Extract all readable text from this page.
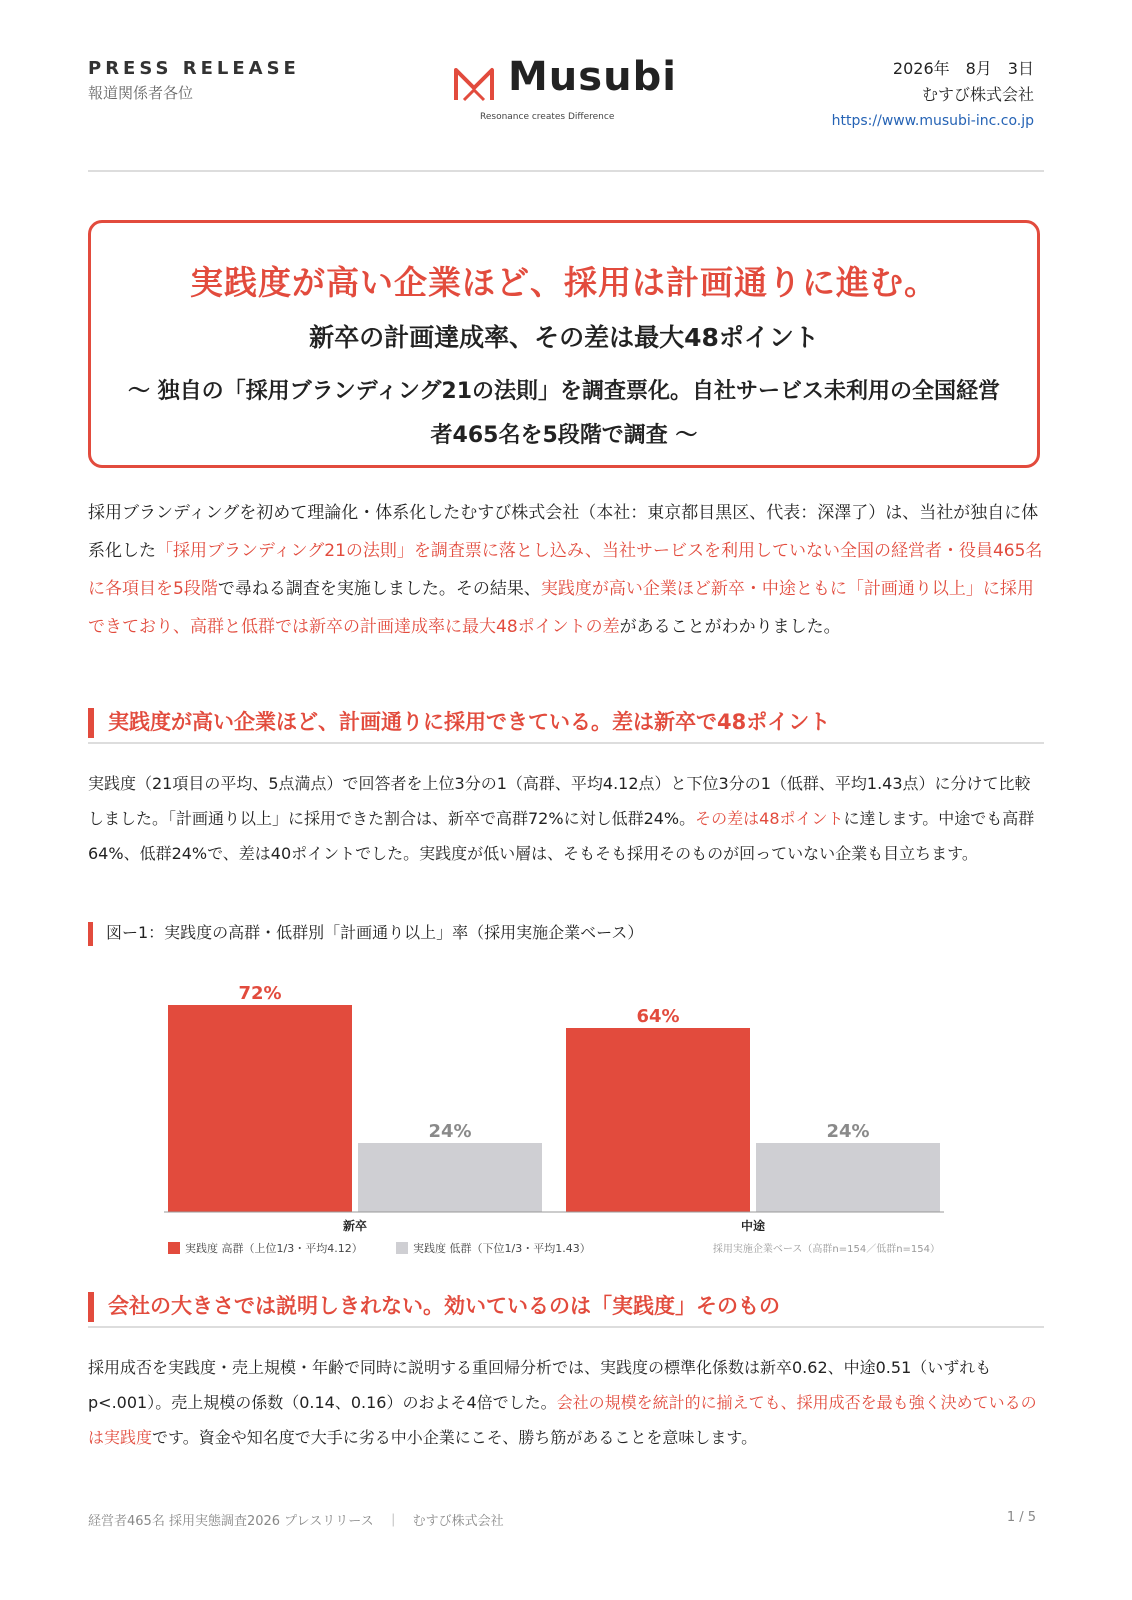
PRESS RELEASE
報道関係者各位	Musubi
Resonance creates Difference
2026年　8月　3日
むすび株式会社
https://www.musubi-inc.co.jp
実践度が高い企業ほど、採用は計画通りに進む。
新卒の計画達成率、その差は最大48ポイント
〜 独自の「採用ブランディング21の法則」を調査票化。自社サービス未利用の全国経営者465名を5段階で調査 〜
採用ブランディングを初めて理論化・体系化したむすび株式会社（本社：東京都目黒区、代表：深澤了）は、当社が独自に体系化した「採用ブランディング21の法則」を調査票に落とし込み、当社サービスを利用していない全国の経営者・役員465名に各項目を5段階で尋ねる調査を実施しました。その結果、実践度が高い企業ほど新卒・中途ともに「計画通り以上」に採用できており、高群と低群では新卒の計画達成率に最大48ポイントの差があることがわかりました。
実践度が高い企業ほど、計画通りに採用できている。差は新卒で48ポイント
実践度（21項目の平均、5点満点）で回答者を上位3分の1（高群、平均4.12点）と下位3分の1（低群、平均1.43点）に分けて比較しました。「計画通り以上」に採用できた割合は、新卒で高群72%に対し低群24%。その差は48ポイントに達します。中途でも高群64%、低群24%で、差は40ポイントでした。実践度が低い層は、そもそも採用そのものが回っていない企業も目立ちます。
図ー1：実践度の高群・低群別「計画通り以上」率（採用実施企業ベース）
72%
24%
新卒
64%
24%
中途
実践度 高群（上位1/3・平均4.12）	実践度 低群（下位1/3・平均1.43）	採用実施企業ベース（高群n=154／低群n=154）
会社の大きさでは説明しきれない。効いているのは「実践度」そのもの
採用成否を実践度・売上規模・年齢で同時に説明する重回帰分析では、実践度の標準化係数は新卒0.62、中途0.51（いずれもp<.001）。売上規模の係数（0.14、0.16）のおよそ4倍でした。会社の規模を統計的に揃えても、採用成否を最も強く決めているのは実践度です。資金や知名度で大手に劣る中小企業にこそ、勝ち筋があることを意味します。
経営者465名 採用実態調査2026 プレスリリース　｜　むすび株式会社	1 / 5
